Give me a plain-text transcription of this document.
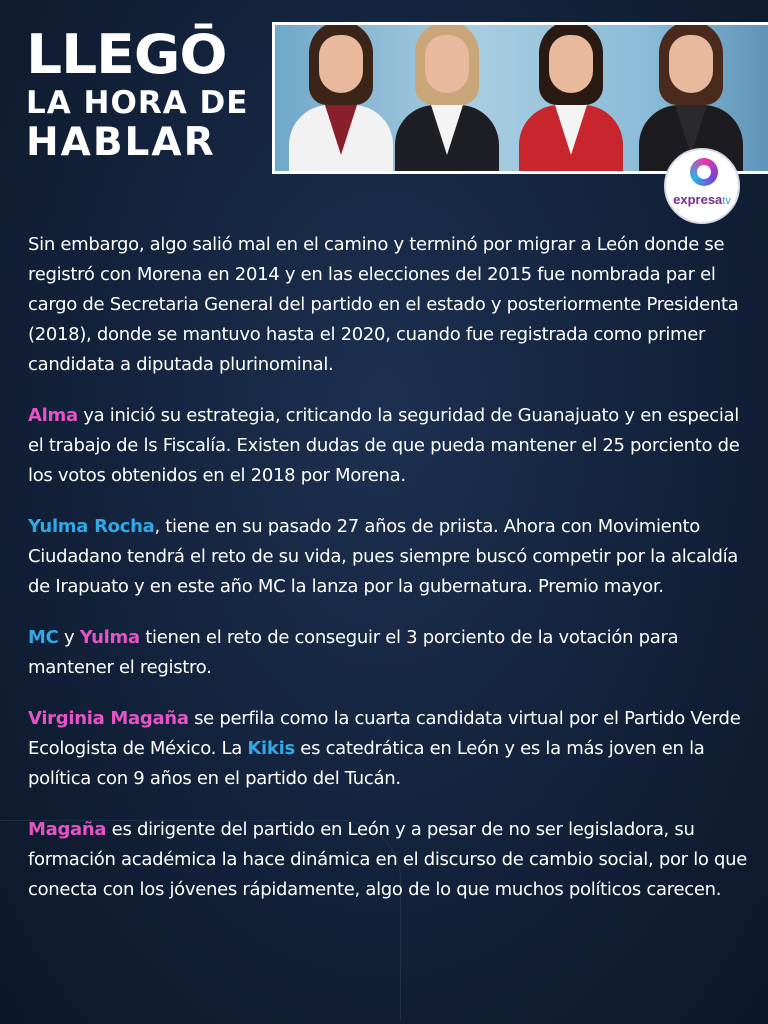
LLEGŌ
LA HORA DE
HABLAR
expresatv

Sin embargo, algo salió mal en el camino y terminó por migrar a León donde se registró con Morena en 2014 y en las elecciones del 2015 fue nombrada par el cargo de Secretaria General del partido en el estado y posteriormente Presidenta (2018), donde se mantuvo hasta el 2020, cuando fue registrada como primer candidata a diputada plurinominal.

Alma ya inició su estrategia, criticando la seguridad de Guanajuato y en especial el trabajo de ls Fiscalía. Existen dudas de que pueda mantener el 25 porciento de los votos obtenidos en el 2018 por Morena.

Yulma Rocha, tiene en su pasado 27 años de priista. Ahora con Movimiento Ciudadano tendrá el reto de su vida, pues siempre buscó competir por la alcaldía de Irapuato y en este año MC la lanza por la gubernatura. Premio mayor.

MC y Yulma tienen el reto de conseguir el 3 porciento de la votación para mantener el registro.

Virginia Magaña se perfila como la cuarta candidata virtual por el Partido Verde Ecologista de México. La Kikis es catedrática en León y es la más joven en la política con 9 años en el partido del Tucán.

Magaña es dirigente del partido en León y a pesar de no ser legisladora, su formación académica la hace dinámica en el discurso de cambio social, por lo que conecta con los jóvenes rápidamente, algo de lo que muchos políticos carecen.
